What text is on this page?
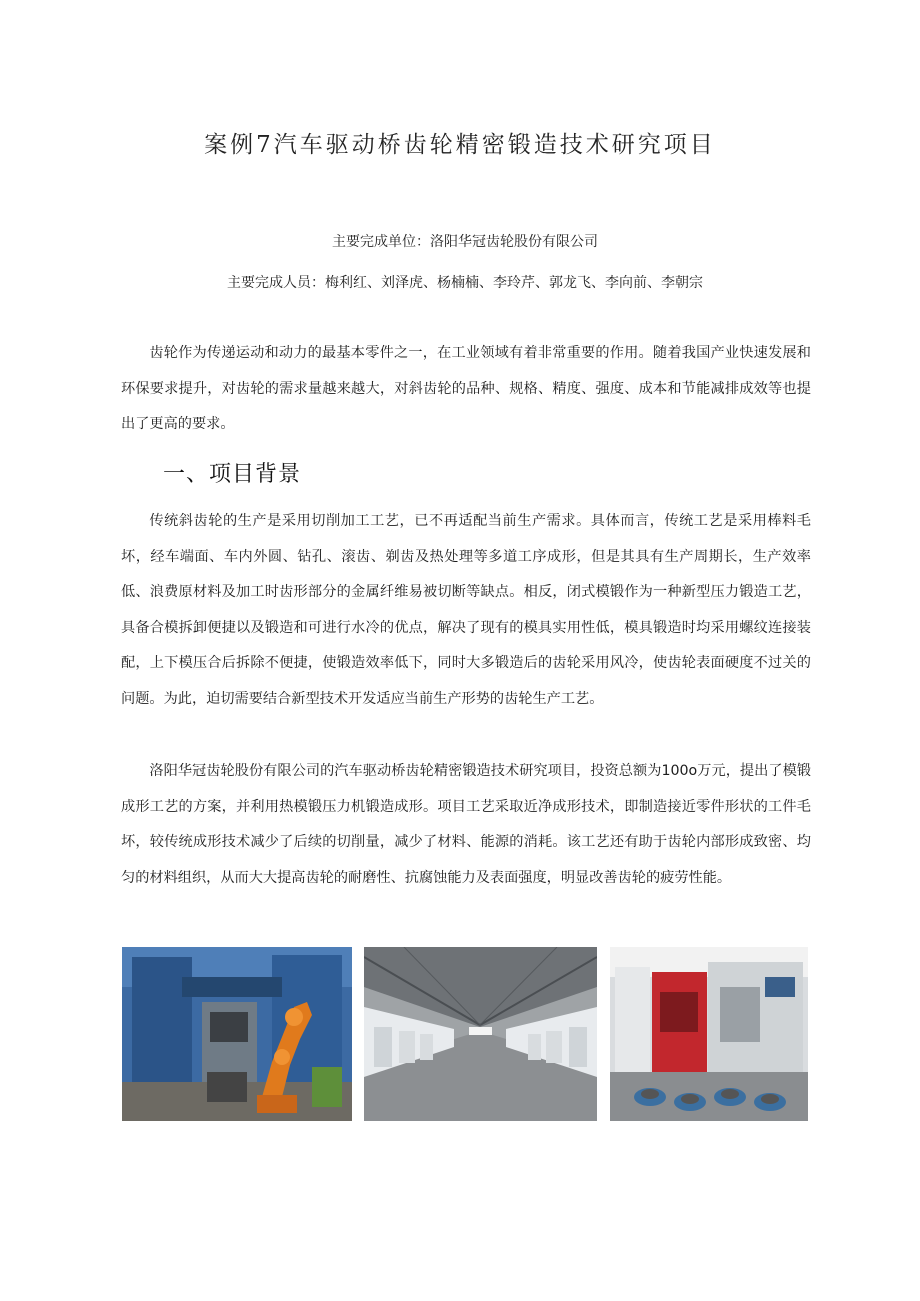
案例7汽车驱动桥齿轮精密锻造技术研究项目
主要完成单位：洛阳华冠齿轮股份有限公司
主要完成人员：梅利红、刘泽虎、杨楠楠、李玲芹、郭龙飞、李向前、李朝宗

齿轮作为传递运动和动力的最基本零件之一，在工业领域有着非常重要的作用。随着我国产业快速发展和环保要求提升，对齿轮的需求量越来越大，对斜齿轮的品种、规格、精度、强度、成本和节能减排成效等也提出了更高的要求。

一、项目背景

传统斜齿轮的生产是采用切削加工工艺，已不再适配当前生产需求。具体而言，传统工艺是采用棒料毛坏，经车端面、车内外圆、钻孔、滚齿、剃齿及热处理等多道工序成形，但是其具有生产周期长，生产效率低、浪费原材料及加工时齿形部分的金属纤维易被切断等缺点。相反，闭式模锻作为一种新型压力锻造工艺，具备合模拆卸便捷以及锻造和可进行水冷的优点，解决了现有的模具实用性低，模具锻造时均采用螺纹连接装配，上下模压合后拆除不便捷，使锻造效率低下，同时大多锻造后的齿轮采用风冷，使齿轮表面硬度不过关的问题。为此，迫切需要结合新型技术开发适应当前生产形势的齿轮生产工艺。

洛阳华冠齿轮股份有限公司的汽车驱动桥齿轮精密锻造技术研究项目，投资总额为100o万元，提出了模锻成形工艺的方案，并利用热模锻压力机锻造成形。项目工艺采取近净成形技术，即制造接近零件形状的工件毛坏，较传统成形技术减少了后续的切削量，减少了材料、能源的消耗。该工艺还有助于齿轮内部形成致密、均匀的材料组织，从而大大提高齿轮的耐磨性、抗腐蚀能力及表面强度，明显改善齿轮的疲劳性能。
